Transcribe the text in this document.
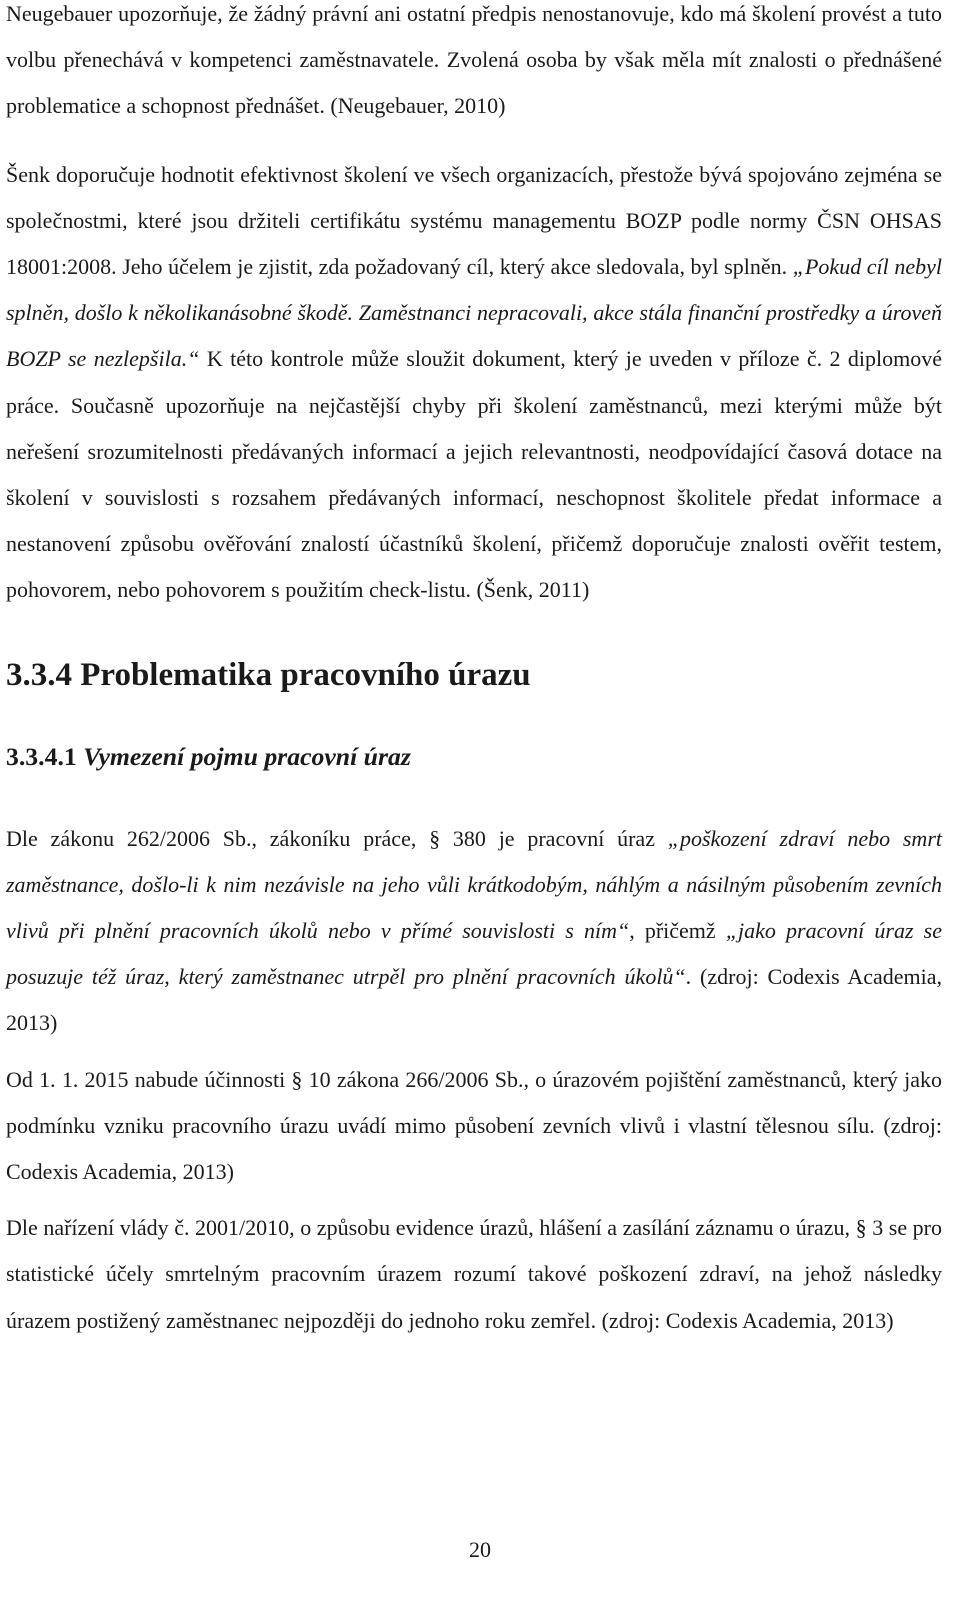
Neugebauer upozorňuje, že žádný právní ani ostatní předpis nenostanovuje, kdo má školení provést a tuto volbu přenechává v kompetenci zaměstnavatele. Zvolená osoba by však měla mít znalosti o přednášené problematice a schopnost přednášet. (Neugebauer, 2010)

Šenk doporučuje hodnotit efektivnost školení ve všech organizacích, přestože bývá spojováno zejména se společnostmi, které jsou držiteli certifikátu systému managementu BOZP podle normy ČSN OHSAS 18001:2008. Jeho účelem je zjistit, zda požadovaný cíl, který akce sledovala, byl splněn. „Pokud cíl nebyl splněn, došlo k několikanásobné škodě. Zaměstnanci nepracovali, akce stála finanční prostředky a úroveň BOZP se nezlepšila.“ K této kontrole může sloužit dokument, který je uveden v příloze č. 2 diplomové práce. Současně upozorňuje na nejčastější chyby při školení zaměstnanců, mezi kterými může být neřešení srozumitelnosti předávaných informací a jejich relevantnosti, neodpovídající časová dotace na školení v souvislosti s rozsahem předávaných informací, neschopnost školitele předat informace a nestanovení způsobu ověřování znalostí účastníků školení, přičemž doporučuje znalosti ověřit testem, pohovorem, nebo pohovorem s použitím check-listu. (Šenk, 2011)

3.3.4 Problematika pracovního úrazu
3.3.4.1 Vymezení pojmu pracovní úraz

Dle zákonu 262/2006 Sb., zákoníku práce, § 380 je pracovní úraz „poškození zdraví nebo smrt zaměstnance, došlo-li k nim nezávisle na jeho vůli krátkodobým, náhlým a násilným působením zevních vlivů při plnění pracovních úkolů nebo v přímé souvislosti s ním“, přičemž „jako pracovní úraz se posuzuje též úraz, který zaměstnanec utrpěl pro plnění pracovních úkolů“. (zdroj: Codexis Academia, 2013)

Od 1. 1. 2015 nabude účinnosti § 10 zákona 266/2006 Sb., o úrazovém pojištění zaměstnanců, který jako podmínku vzniku pracovního úrazu uvádí mimo působení zevních vlivů i vlastní tělesnou sílu. (zdroj: Codexis Academia, 2013)

Dle nařízení vlády č. 2001/2010, o způsobu evidence úrazů, hlášení a zasílání záznamu o úrazu, § 3 se pro statistické účely smrtelným pracovním úrazem rozumí takové poškození zdraví, na jehož následky úrazem postižený zaměstnanec nejpozději do jednoho roku zemřel. (zdroj: Codexis Academia, 2013)

20
